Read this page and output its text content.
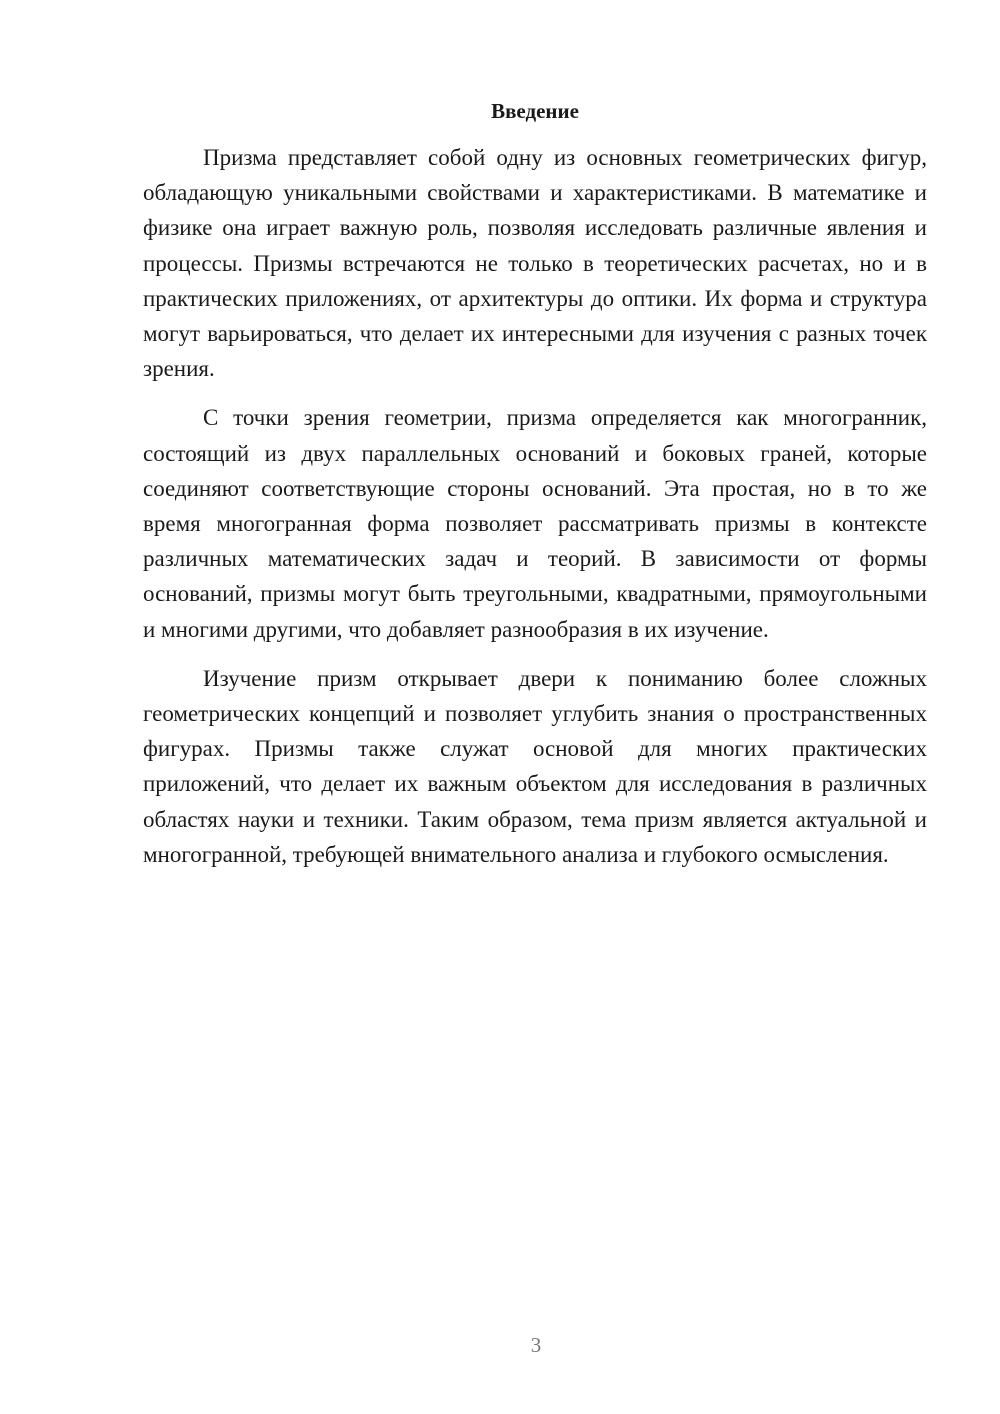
Введение

Призма представляет собой одну из основных геометрических фигур, обладающую уникальными свойствами и характеристиками. В математике и физике она играет важную роль, позволяя исследовать различные явления и процессы. Призмы встречаются не только в теоретических расчетах, но и в практических приложениях, от архитектуры до оптики. Их форма и структура могут варьироваться, что делает их интересными для изучения с разных точек зрения.

С точки зрения геометрии, призма определяется как многогранник, состоящий из двух параллельных оснований и боковых граней, которые соединяют соответствующие стороны оснований. Эта простая, но в то же время многогранная форма позволяет рассматривать призмы в контексте различных математических задач и теорий. В зависимости от формы оснований, призмы могут быть треугольными, квадратными, прямоугольными и многими другими, что добавляет разнообразия в их изучение.

Изучение призм открывает двери к пониманию более сложных геометрических концепций и позволяет углубить знания о пространственных фигурах. Призмы также служат основой для многих практических приложений, что делает их важным объектом для исследования в различных областях науки и техники. Таким образом, тема призм является актуальной и многогранной, требующей внимательного анализа и глубокого осмысления.

3
